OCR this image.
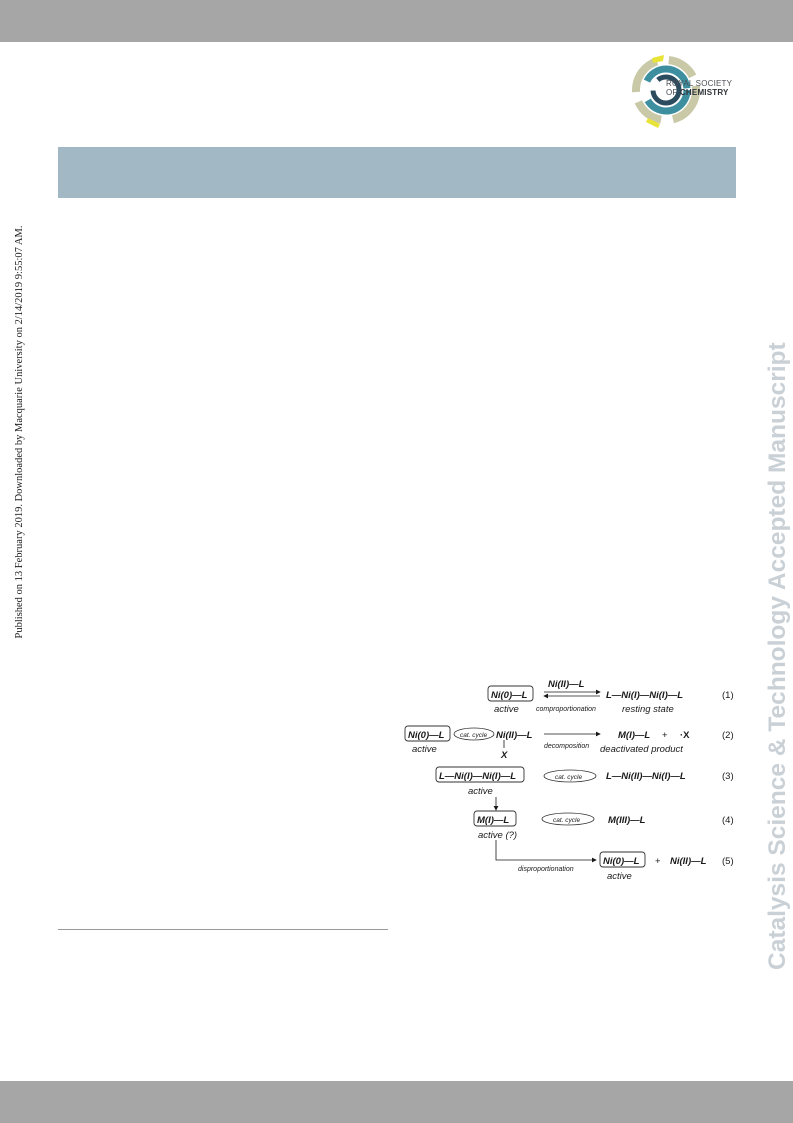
ROYAL SOCIETY
OF CHEMISTRY
Published on 13 February 2019. Downloaded by Macquarie University on 2/14/2019 9:55:07 AM.	Catalysis Science & Technology Accepted Manuscript
Ni(0)—L
active
Ni(II)—L
comproportionation
L—Ni(I)—Ni(I)—L
resting state
(1)
Ni(0)—L
active
cat. cycle Ni(II)—L
X
decomposition
M(I)—L + ·X
deactivated product
(2)
L—Ni(I)—Ni(I)—L
active
cat. cycle	L—Ni(II)—Ni(I)—L	(3)
M(I)—L
active (?)
cat. cycle	M(III)—L	(4)
disproportionation
Ni(0)—L
active
+ Ni(II)—L (5)
